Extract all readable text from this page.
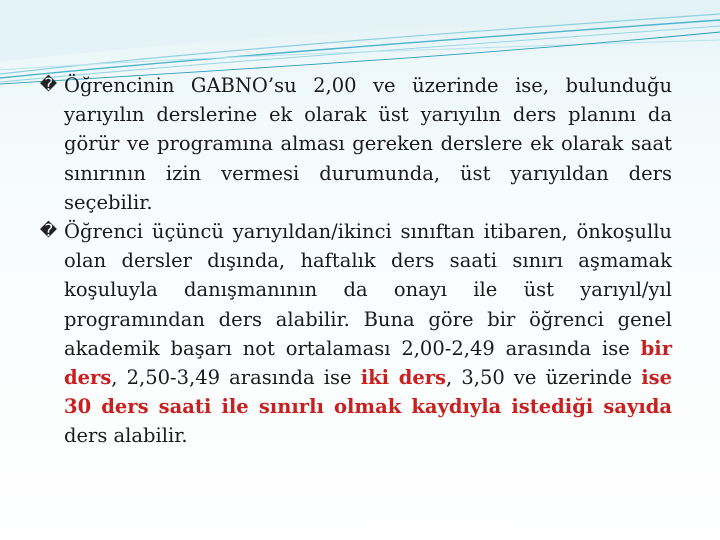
� Öğrencinin GABNO’su 2,00 ve üzerinde ise, bulunduğu yarıyılın derslerine ek olarak üst yarıyılın ders planını da görür ve programına alması gereken derslere ek olarak saat sınırının izin vermesi durumunda, üst yarıyıldan ders seçebilir.

� Öğrenci üçüncü yarıyıldan/ikinci sınıftan itibaren, önkoşullu olan dersler dışında, haftalık ders saati sınırı aşmamak koşuluyla danışmanının da onayı ile üst yarıyıl/yıl programından ders alabilir. Buna göre bir öğrenci genel akademik başarı not ortalaması 2,00-2,49 arasında ise bir ders, 2,50-3,49 arasında ise iki ders, 3,50 ve üzerinde ise 30 ders saati ile sınırlı olmak kaydıyla istediği sayıda ders alabilir.
